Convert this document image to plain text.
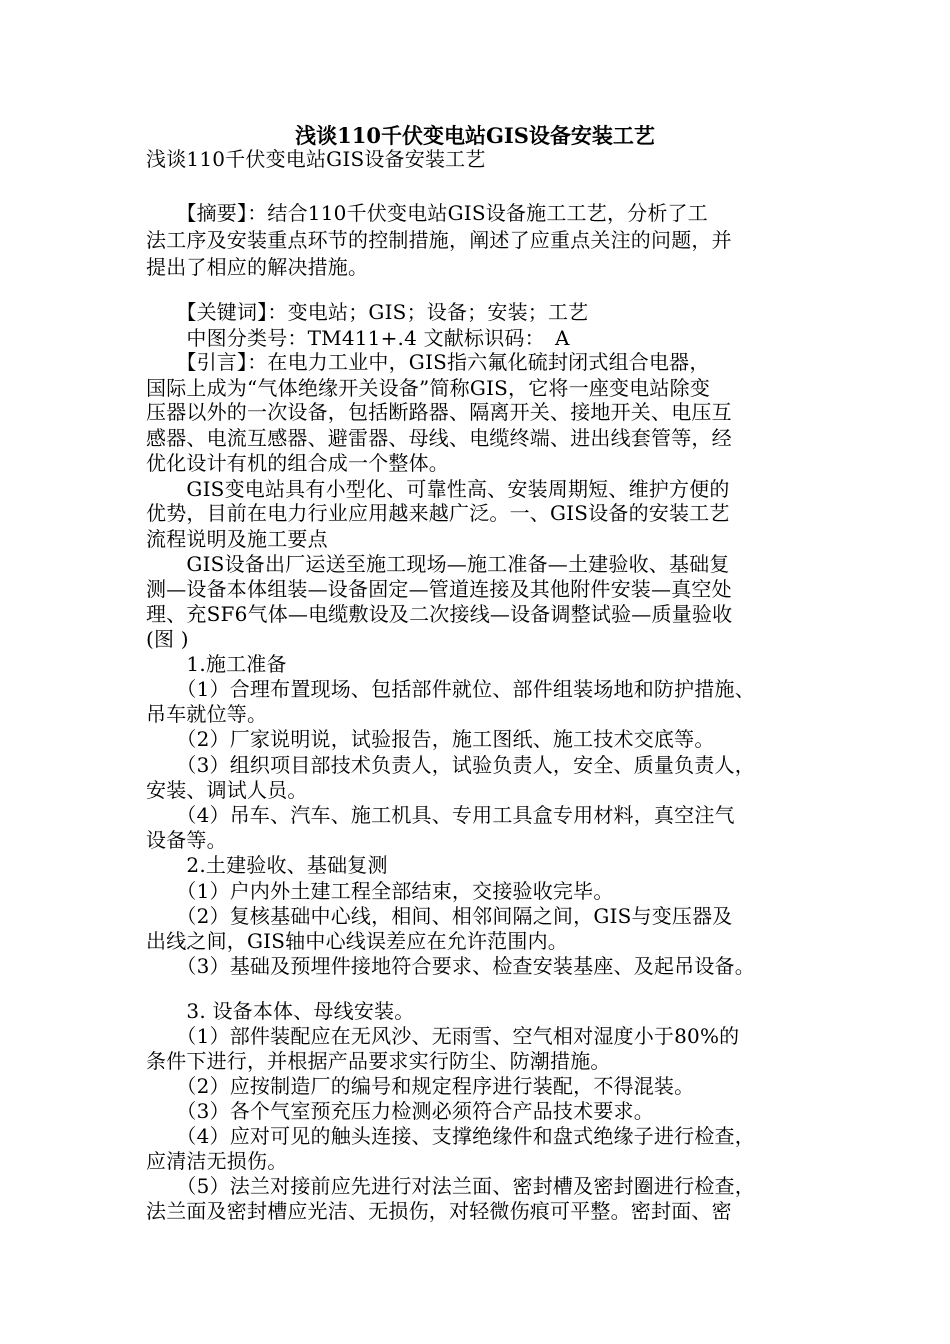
浅谈110千伏变电站GIS设备安装工艺
浅谈110千伏变电站GIS设备安装工艺
　　【摘要】：结合110千伏变电站GIS设备施工工艺，分析了工
法工序及安装重点环节的控制措施，阐述了应重点关注的问题，并
提出了相应的解决措施。
　　【关键词】：变电站；GIS；设备；安装；工艺
　　中图分类号：TM411+.4 文献标识码：　A
　　【引言】：在电力工业中，GIS指六氟化硫封闭式组合电器，
国际上成为“气体绝缘开关设备”简称GIS，它将一座变电站除变
压器以外的一次设备，包括断路器、隔离开关、接地开关、电压互
感器、电流互感器、避雷器、母线、电缆终端、进出线套管等，经
优化设计有机的组合成一个整体。
　　GIS变电站具有小型化、可靠性高、安装周期短、维护方便的
优势，目前在电力行业应用越来越广泛。一、GIS设备的安装工艺
流程说明及施工要点
　　GIS设备出厂运送至施工现场—施工准备—土建验收、基础复
测—设备本体组装—设备固定—管道连接及其他附件安装—真空处
理、充SF6气体—电缆敷设及二次接线—设备调整试验—质量验收
(图 )
　　1.施工准备
　　（1）合理布置现场、包括部件就位、部件组装场地和防护措施、
吊车就位等。
　　（2）厂家说明说，试验报告，施工图纸、施工技术交底等。
　　（3）组织项目部技术负责人，试验负责人，安全、质量负责人，
安装、调试人员。
　　（4）吊车、汽车、施工机具、专用工具盒专用材料，真空注气
设备等。
　　2.土建验收、基础复测
　　（1）户内外土建工程全部结束，交接验收完毕。
　　（2）复核基础中心线，相间、相邻间隔之间，GIS与变压器及
出线之间，GIS轴中心线误差应在允许范围内。
　　（3）基础及预埋件接地符合要求、检查安装基座、及起吊设备。
　　3. 设备本体、母线安装。
　　（1）部件装配应在无风沙、无雨雪、空气相对湿度小于80%的
条件下进行，并根据产品要求实行防尘、防潮措施。
　　（2）应按制造厂的编号和规定程序进行装配，不得混装。
　　（3）各个气室预充压力检测必须符合产品技术要求。
　　（4）应对可见的触头连接、支撑绝缘件和盘式绝缘子进行检查，
应清洁无损伤。
　　（5）法兰对接前应先进行对法兰面、密封槽及密封圈进行检查，
法兰面及密封槽应光洁、无损伤，对轻微伤痕可平整。密封面、密
